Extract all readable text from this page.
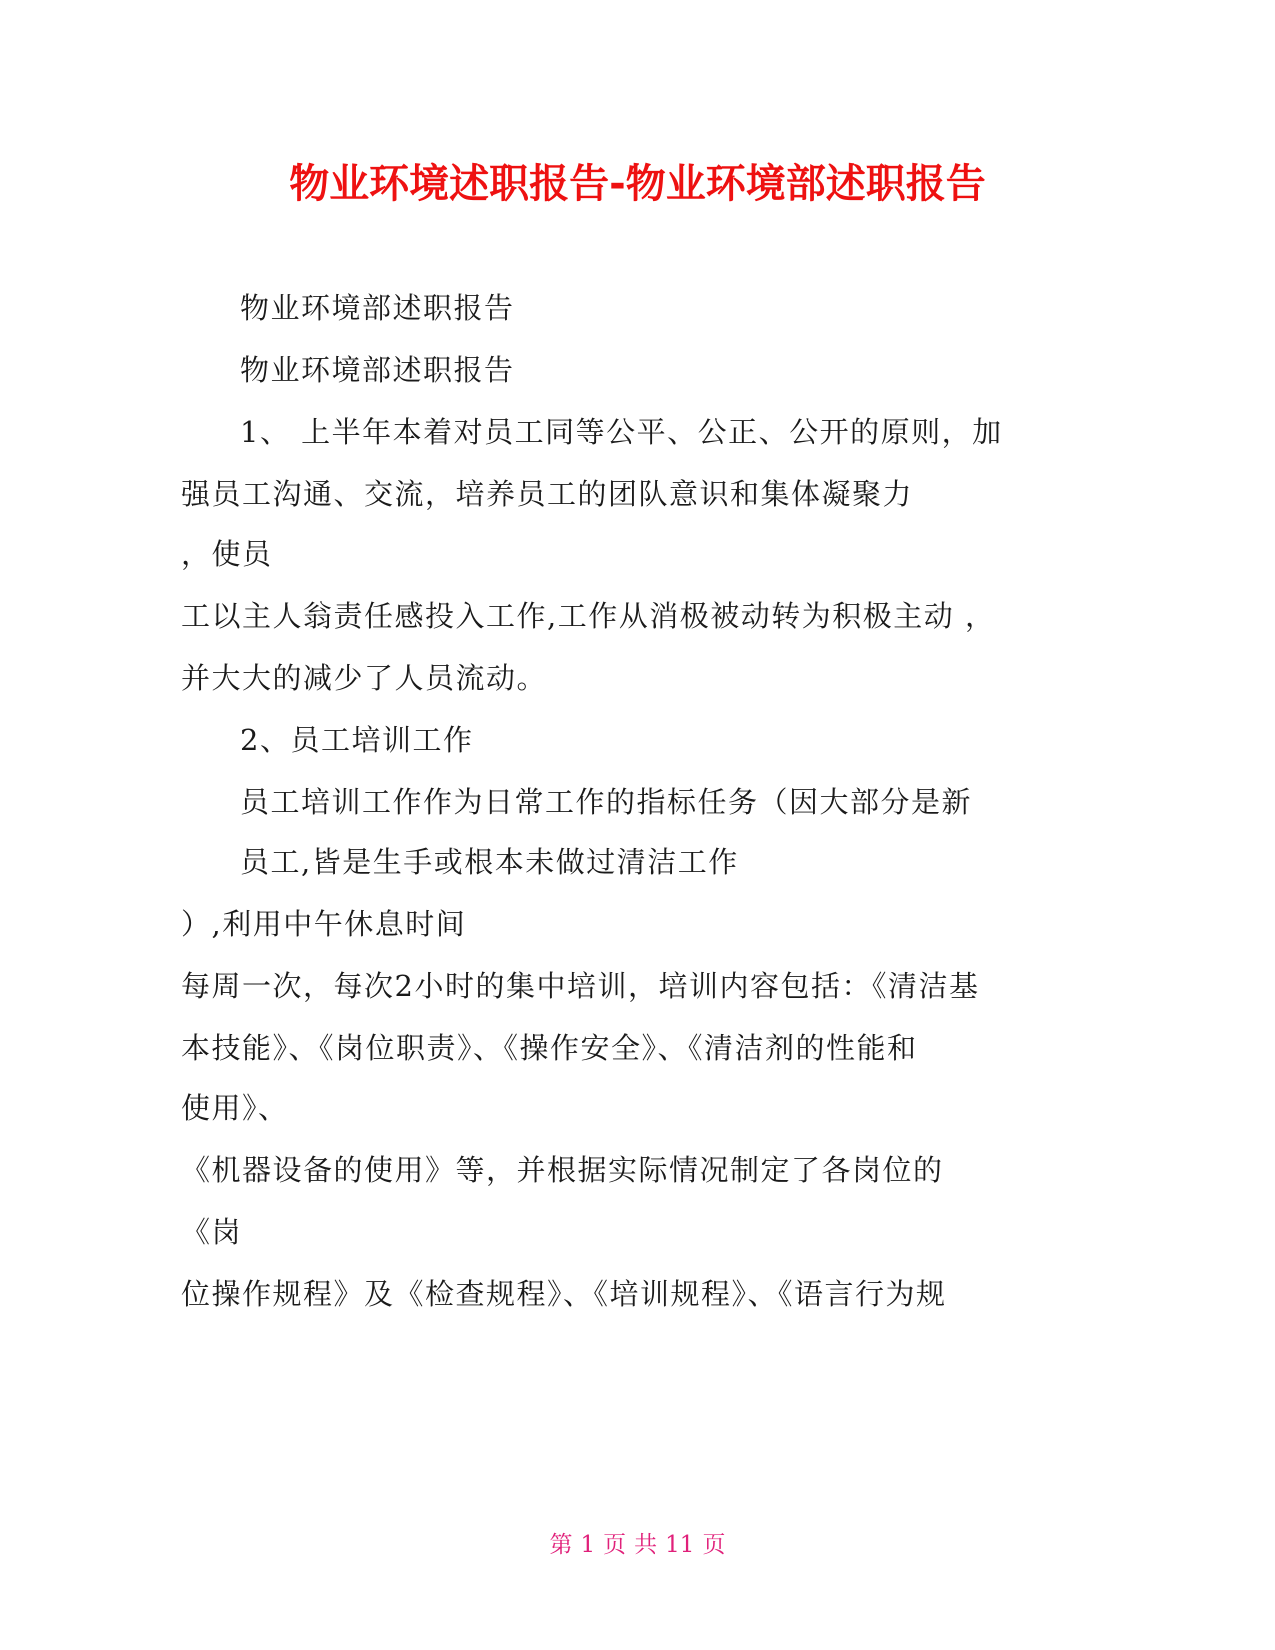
物业环境述职报告-物业环境部述职报告
物业环境部述职报告
物业环境部述职报告
1、 上半年本着对员工同等公平、公正、公开的原则，加
强员工沟通、交流，培养员工的团队意识和集体凝聚力
，使员
工以主人翁责任感投入工作,工作从消极被动转为积极主动 ，
并大大的减少了人员流动。
2、员工培训工作
员工培训工作作为日常工作的指标任务（因大部分是新
员工,皆是生手或根本未做过清洁工作
）,利用中午休息时间
每周一次，每次2小时的集中培训，培训内容包括：《清洁基
本技能》、《岗位职责》、《操作安全》、《清洁剂的性能和
使用》、
《机器设备的使用》等，并根据实际情况制定了各岗位的
《岗
位操作规程》及《检查规程》、《培训规程》、《语言行为规
第 1 页 共 11 页
